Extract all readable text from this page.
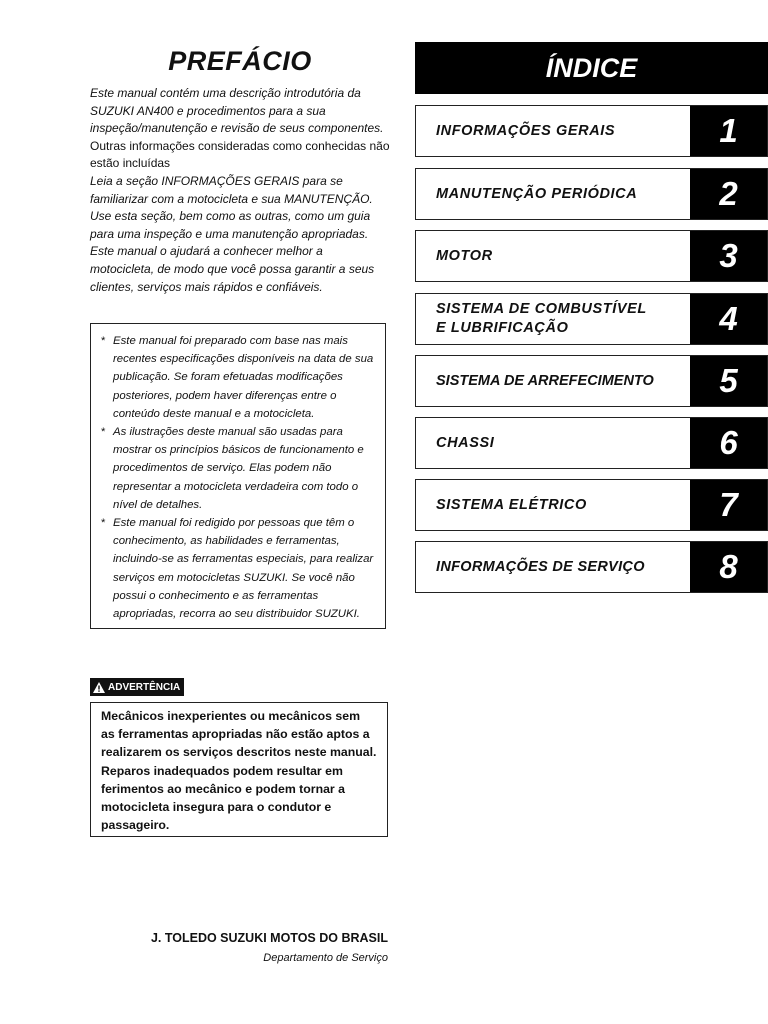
PREFÁCIO

Este manual contém uma descrição introdutória da SUZUKI AN400 e procedimentos para a sua inspeção/manutenção e revisão de seus componentes.

Outras informações consideradas como conhecidas não estão incluídas

Leia a seção INFORMAÇÕES GERAIS para se familiarizar com a motocicleta e sua MANUTENÇÃO. Use esta seção, bem como as outras, como um guia para uma inspeção e uma manutenção apropriadas.

Este manual o ajudará a conhecer melhor a motocicleta, de modo que você possa garantir a seus clientes, serviços mais rápidos e confiáveis.

* Este manual foi preparado com base nas mais recentes especificações disponíveis na data de sua publicação. Se foram efetuadas modificações posteriores, podem haver diferenças entre o conteúdo deste manual e a motocicleta.
* As ilustrações deste manual são usadas para mostrar os princípios básicos de funcionamento e procedimentos de serviço. Elas podem não representar a motocicleta verdadeira com todo o nível de detalhes.
* Este manual foi redigido por pessoas que têm o conhecimento, as habilidades e ferramentas, incluindo-se as ferramentas especiais, para realizar serviços em motocicletas SUZUKI. Se você não possui o conhecimento e as ferramentas apropriadas, recorra ao seu distribuidor SUZUKI.
ADVERTÊNCIA
Mecânicos inexperientes ou mecânicos sem as ferramentas apropriadas não estão aptos a realizarem os serviços descritos neste manual. Reparos inadequados podem resultar em ferimentos ao mecânico e podem tornar a motocicleta insegura para o condutor e passageiro.
J. TOLEDO SUZUKI MOTOS DO BRASIL
Departamento de Serviço
ÍNDICE
INFORMAÇÕES GERAIS	1
MANUTENÇÃO PERIÓDICA	2
MOTOR	3
SISTEMA DE COMBUSTÍVEL
E LUBRIFICAÇÃO	4
SISTEMA DE ARREFECIMENTO	5
CHASSI	6
SISTEMA ELÉTRICO	7
INFORMAÇÕES DE SERVIÇO	8
